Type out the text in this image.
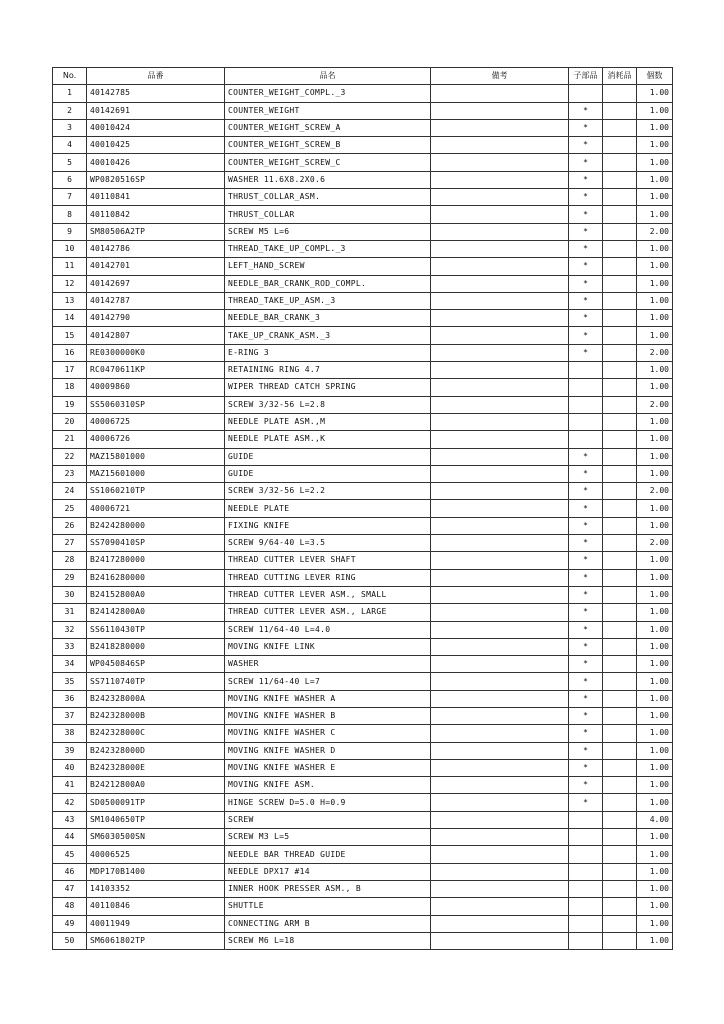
No.	品番	品名	備考	子部品	消耗品	個数
1	40142785	COUNTER_WEIGHT_COMPL._3				1.00
2	40142691	COUNTER_WEIGHT		*		1.00
3	40010424	COUNTER_WEIGHT_SCREW_A		*		1.00
4	40010425	COUNTER_WEIGHT_SCREW_B		*		1.00
5	40010426	COUNTER_WEIGHT_SCREW_C		*		1.00
6	WP0820516SP	WASHER 11.6X8.2X0.6		*		1.00
7	40110841	THRUST_COLLAR_ASM.		*		1.00
8	40110842	THRUST_COLLAR		*		1.00
9	SM80506A2TP	SCREW M5 L=6		*		2.00
10	40142786	THREAD_TAKE_UP_COMPL._3		*		1.00
11	40142701	LEFT_HAND_SCREW		*		1.00
12	40142697	NEEDLE_BAR_CRANK_ROD_COMPL.		*		1.00
13	40142787	THREAD_TAKE_UP_ASM._3		*		1.00
14	40142790	NEEDLE_BAR_CRANK_3		*		1.00
15	40142807	TAKE_UP_CRANK_ASM._3		*		1.00
16	RE0300000K0	E-RING 3		*		2.00
17	RC0470611KP	RETAINING RING 4.7				1.00
18	40009860	WIPER THREAD CATCH SPRING				1.00
19	SS5060310SP	SCREW 3/32-56 L=2.8				2.00
20	40006725	NEEDLE PLATE ASM.,M				1.00
21	40006726	NEEDLE PLATE ASM.,K				1.00
22	MAZ15801000	GUIDE		*		1.00
23	MAZ15601000	GUIDE		*		1.00
24	SS1060210TP	SCREW 3/32-56 L=2.2		*		2.00
25	40006721	NEEDLE PLATE		*		1.00
26	B2424280000	FIXING KNIFE		*		1.00
27	SS7090410SP	SCREW 9/64-40 L=3.5		*		2.00
28	B2417280000	THREAD CUTTER LEVER SHAFT		*		1.00
29	B2416280000	THREAD CUTTING LEVER RING		*		1.00
30	B24152800A0	THREAD CUTTER LEVER ASM., SMALL		*		1.00
31	B24142800A0	THREAD CUTTER LEVER ASM., LARGE		*		1.00
32	SS6110430TP	SCREW 11/64-40 L=4.0		*		1.00
33	B2418280000	MOVING KNIFE LINK		*		1.00
34	WP0450846SP	WASHER		*		1.00
35	SS7110740TP	SCREW 11/64-40 L=7		*		1.00
36	B242328000A	MOVING KNIFE WASHER A		*		1.00
37	B242328000B	MOVING KNIFE WASHER B		*		1.00
38	B242328000C	MOVING KNIFE WASHER C		*		1.00
39	B242328000D	MOVING KNIFE WASHER D		*		1.00
40	B242328000E	MOVING KNIFE WASHER E		*		1.00
41	B24212800A0	MOVING KNIFE ASM.		*		1.00
42	SD0500091TP	HINGE SCREW D=5.0 H=0.9		*		1.00
43	SM1040650TP	SCREW				4.00
44	SM6030500SN	SCREW M3 L=5				1.00
45	40006525	NEEDLE BAR THREAD GUIDE				1.00
46	MDP170B1400	NEEDLE DPX17 #14				1.00
47	14103352	INNER HOOK PRESSER ASM., B				1.00
48	40110846	SHUTTLE				1.00
49	40011949	CONNECTING ARM B				1.00
50	SM6061802TP	SCREW M6 L=18				1.00
